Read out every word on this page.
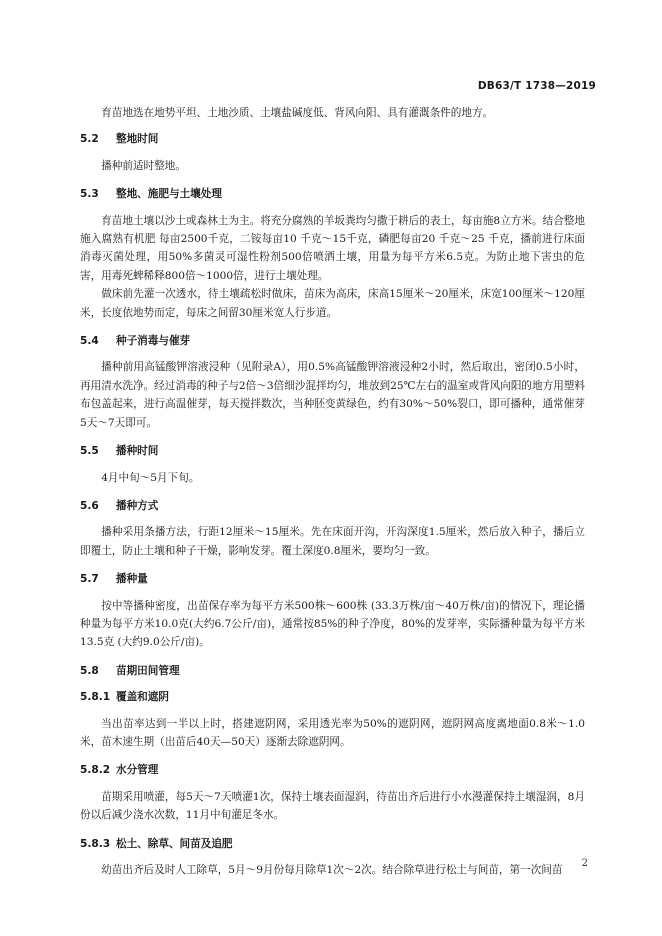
DB63/T 1738—2019

育苗地选在地势平坦、土地沙质、土壤盐碱度低、背风向阳、具有灌溉条件的地方。

5.2 整地时间

播种前适时整地。

5.3 整地、施肥与土壤处理

育苗地土壤以沙土或森林土为主。将充分腐熟的羊坂粪均匀撒于耕后的表土，每亩施8立方米。结合整地施入腐熟有机肥 每亩2500千克，二铵每亩10 千克～15千克，磷肥每亩20 千克～25 千克，播前进行床面消毒灭菌处理，用50%多菌灵可湿性粉剂500倍喷洒土壤，用量为每平方米6.5克。为防止地下害虫的危害，用毒死蜱稀释800倍～1000倍，进行土壤处理。

做床前先灌一次透水，待土壤疏松时做床，苗床为高床，床高15厘米～20厘米，床宽100厘米～120厘米，长度依地势而定，每床之间留30厘米宽人行步道。

5.4 种子消毒与催芽

播种前用高锰酸钾溶液浸种（见附录A），用0.5%高锰酸钾溶液浸种2小时，然后取出，密闭0.5小时，再用清水洗净。经过消毒的种子与2倍～3倍细沙混拌均匀，堆放到25℃左右的温室或背风向阳的地方用塑料布包盖起来，进行高温催芽，每天搅拌数次，当种胚变黄绿色，约有30%～50%裂口，即可播种，通常催芽5天～7天即可。

5.5 播种时间

4月中旬～5月下旬。

5.6 播种方式

播种采用条播方法，行距12厘米～15厘米。先在床面开沟，开沟深度1.5厘米，然后放入种子，播后立即覆土，防止土壤和种子干燥，影响发芽。覆土深度0.8厘米，要均匀一致。

5.7 播种量

按中等播种密度，出苗保存率为每平方米500株～600株 (33.3万株/亩～40万株/亩)的情况下，理论播种量为每平方米10.0克(大约6.7公斤/亩)，通常按85%的种子净度，80%的发芽率，实际播种量为每平方米13.5克 (大约9.0公斤/亩)。

5.8 苗期田间管理

5.8.1 覆盖和遮阴

当出苗率达到一半以上时，搭建遮阴网，采用透光率为50%的遮阴网，遮阴网高度离地面0.8米～1.0米，苗木速生期（出苗后40天—50天）逐渐去除遮阴网。

5.8.2 水分管理

苗期采用喷灌，每5天～7天喷灌1次，保持土壤表面湿润，待苗出齐后进行小水漫灌保持土壤湿润，8月份以后减少浇水次数，11月中旬灌足冬水。

5.8.3 松土、除草、间苗及追肥

幼苗出齐后及时人工除草，5月～9月份每月除草1次～2次。结合除草进行松土与间苗，第一次间苗

2
